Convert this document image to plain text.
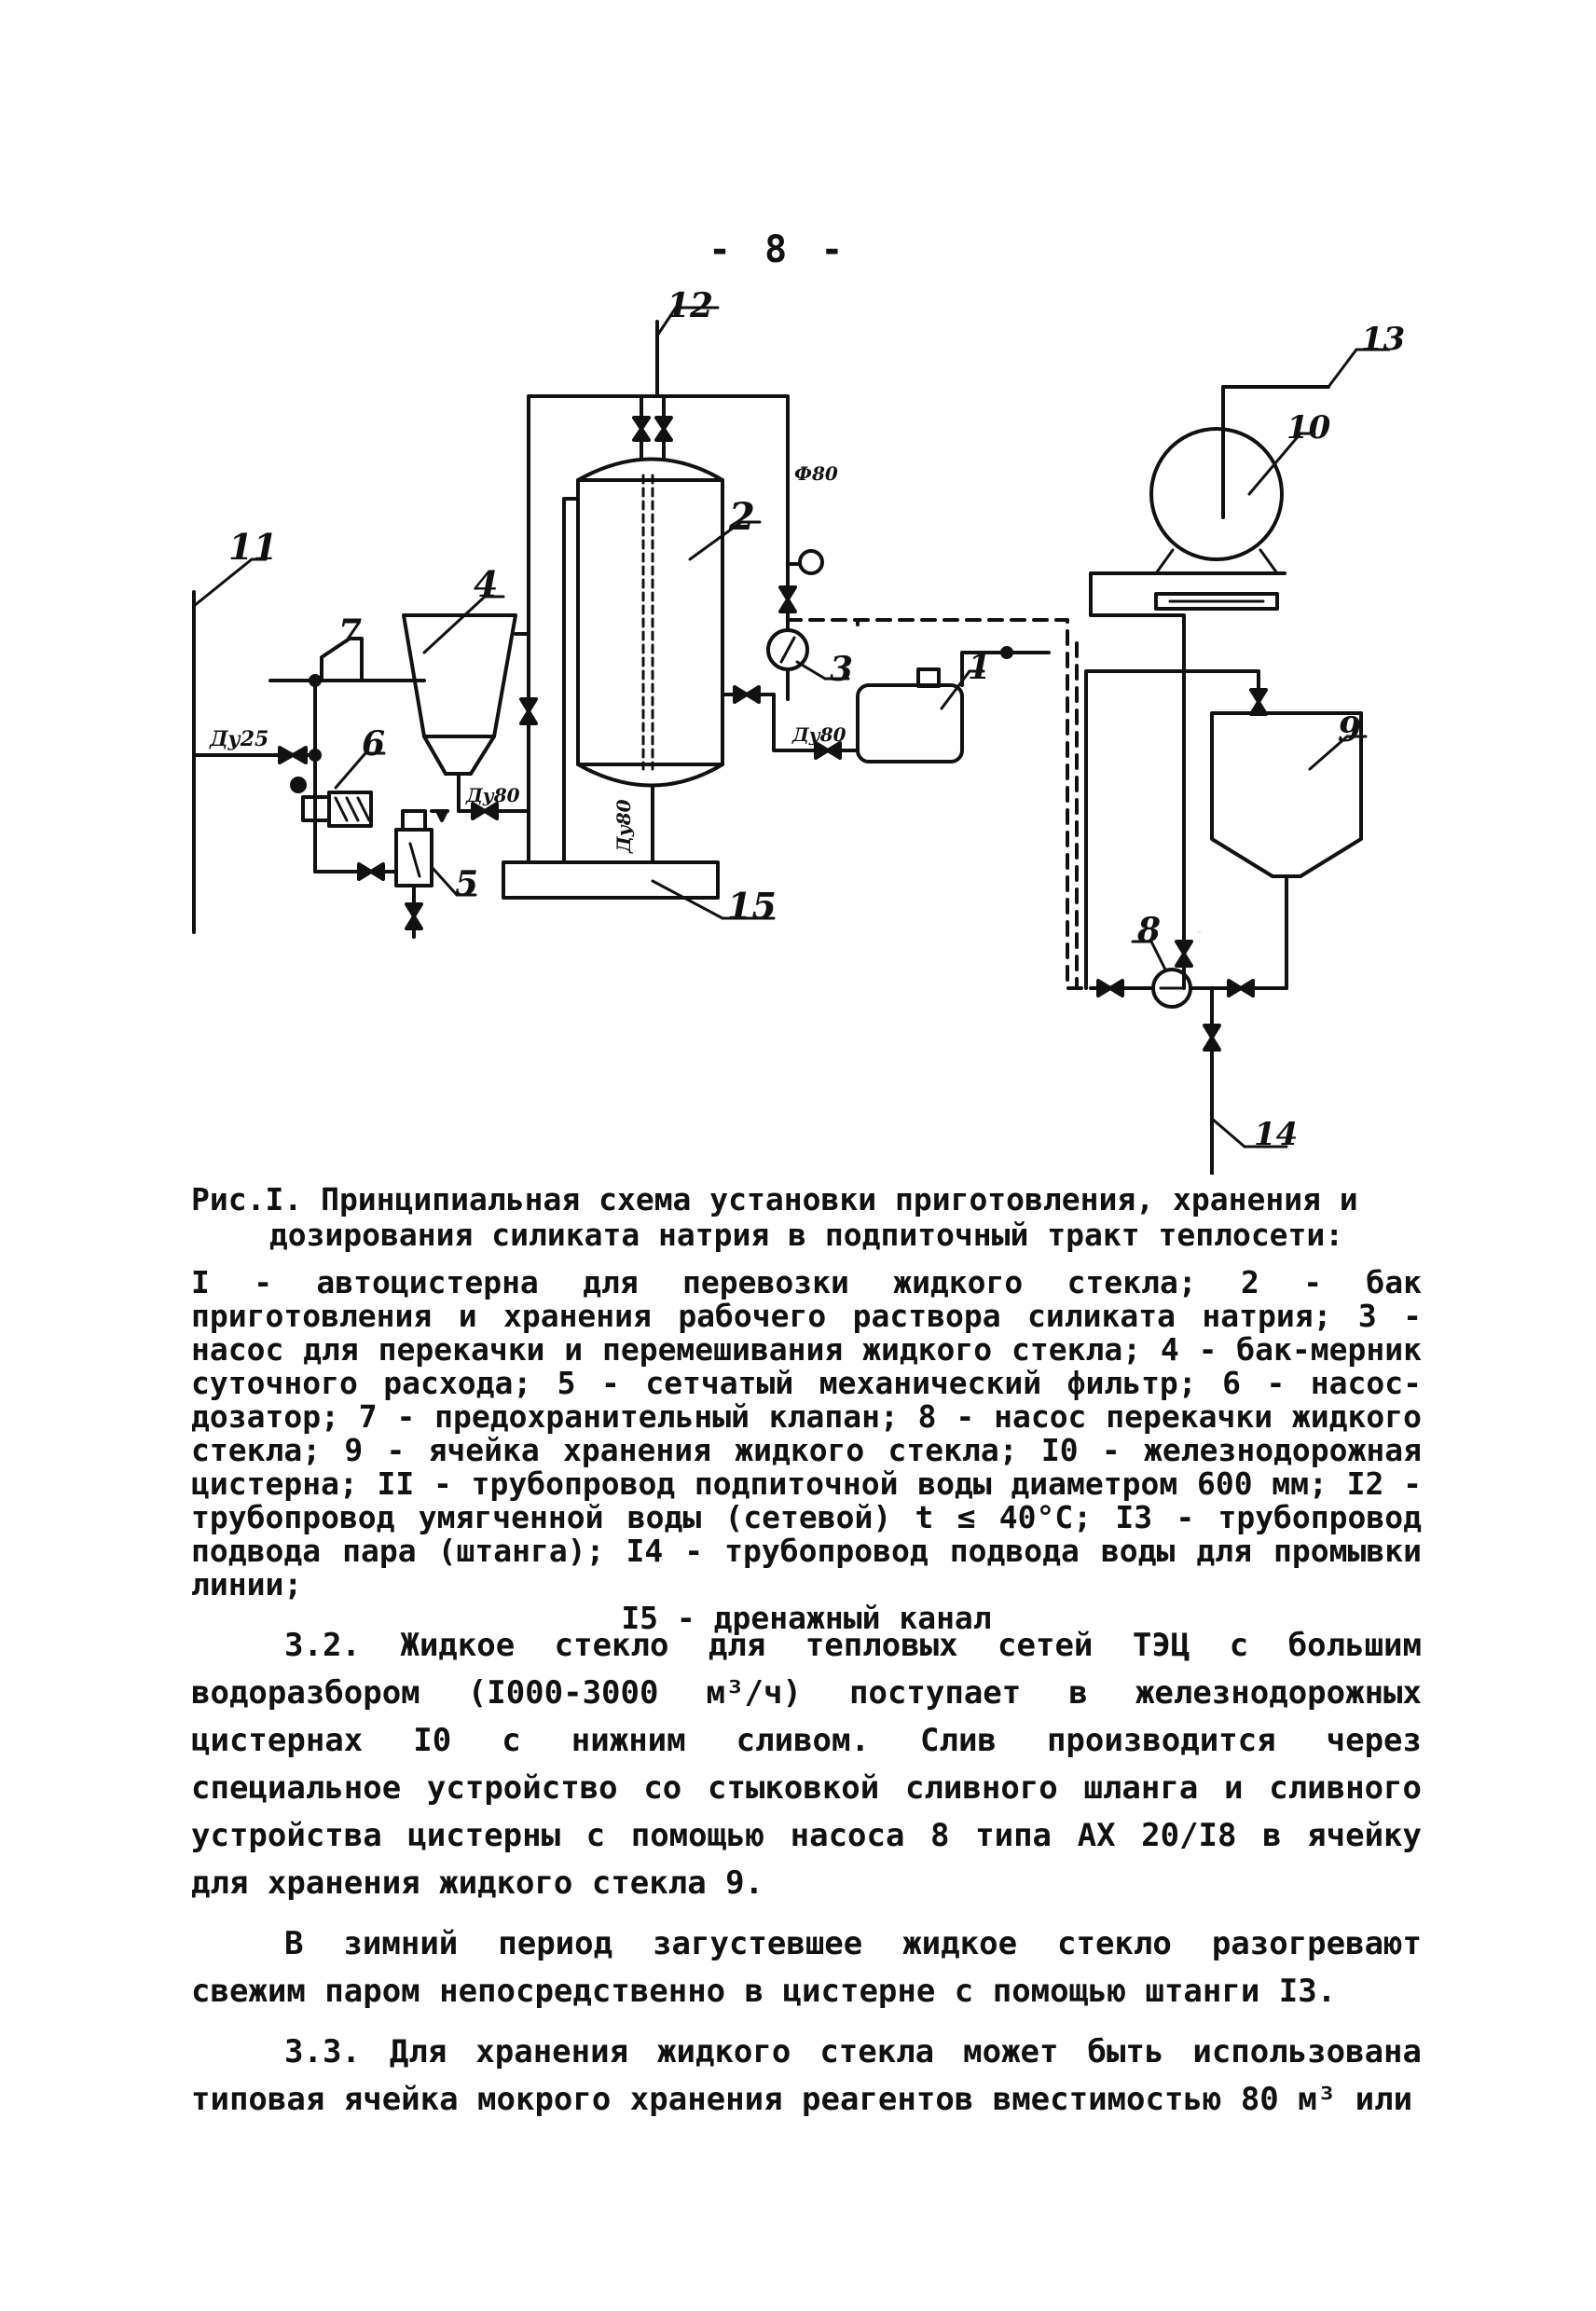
- 8 -
11
Ду25
7
6
5
4
Ду80
12
2
Ду80
15
Ф80
3
Ду80
1
10
13
9
8
14
Ду80
Рис.I. Принципиальная схема установки приготовления, хранения и
дозирования силиката натрия в подпиточный тракт теплосети:
I - автоцистерна для перевозки жидкого стекла; 2 - бак приготовления и хранения рабочего раствора силиката натрия; 3 - насос для перекачки и перемешивания жидкого стекла; 4 - бак-мерник суточного расхода; 5 - сетчатый механический фильтр; 6 - насос-дозатор; 7 - предохранительный клапан; 8 - насос перекачки жидкого стекла; 9 - ячейка хранения жидкого стекла; I0 - железнодорожная цистерна; II - трубопровод подпиточной воды диаметром 600 мм; I2 - трубопровод умягченной воды (сетевой) t ≤ 40°C; I3 - трубопровод подвода пара (штанга); I4 - трубопровод подвода воды для промывки линии;
I5 - дренажный канал

3.2. Жидкое стекло для тепловых сетей ТЭЦ с большим водоразбором (I000-3000 м³/ч) поступает в железнодорожных цистернах I0 с нижним сливом. Слив производится через специальное устройство со стыковкой сливного шланга и сливного устройства цистерны с помощью насоса 8 типа АХ 20/I8 в ячейку для хранения жидкого стекла 9.

В зимний период загустевшее жидкое стекло разогревают свежим паром непосредственно в цистерне с помощью штанги I3.

3.3. Для хранения жидкого стекла может быть использована типовая ячейка мокрого хранения реагентов вместимостью 80 м³ или
